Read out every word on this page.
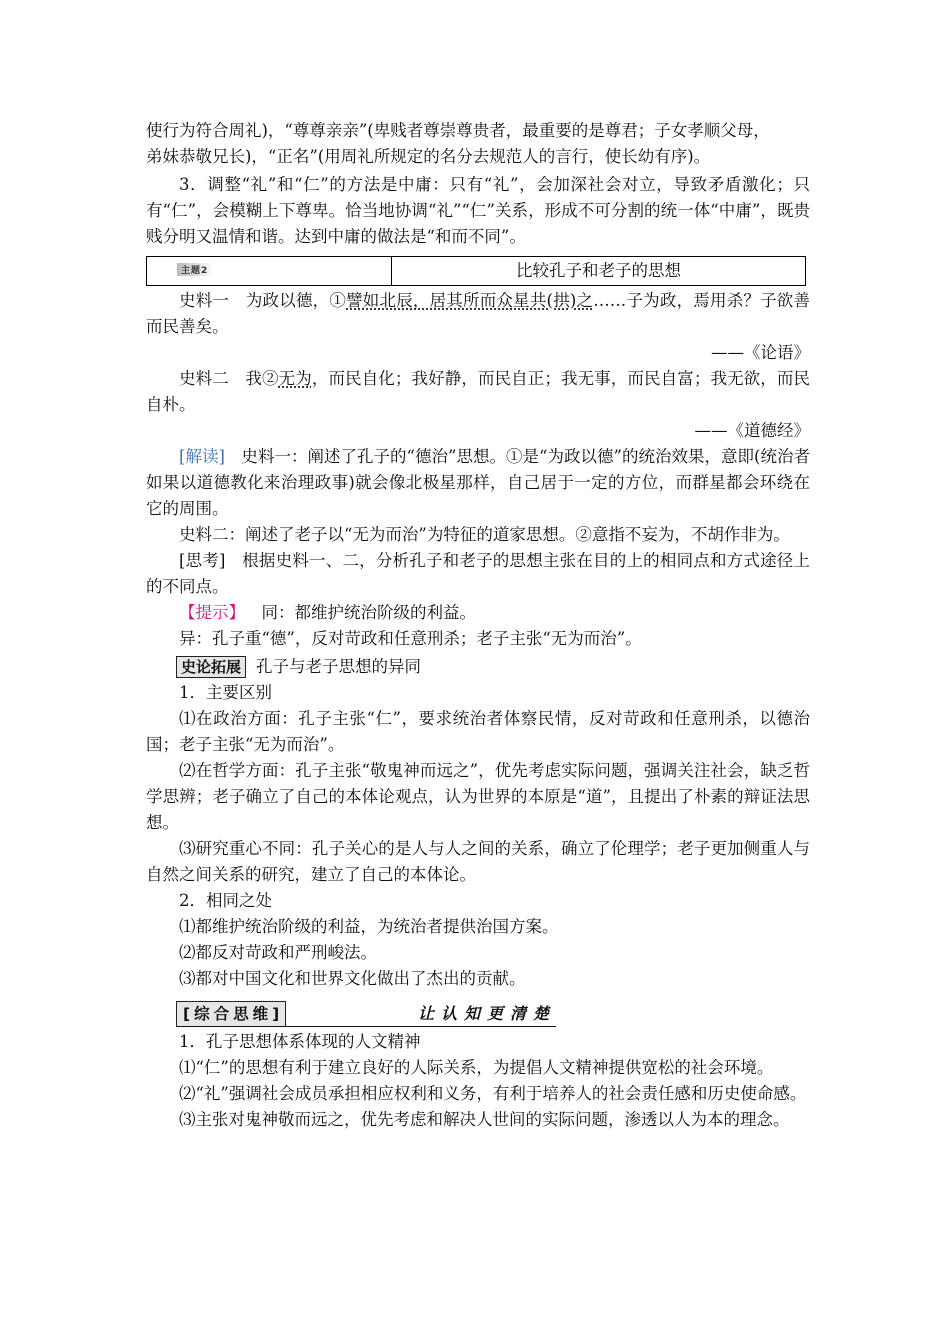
使行为符合周礼)，“尊尊亲亲”(卑贱者尊崇尊贵者，最重要的是尊君；子女孝顺父母，

弟妹恭敬兄长)，“正名”(用周礼所规定的名分去规范人的言行，使长幼有序)。

3．调整“礼”和“仁”的方法是中庸：只有“礼”，会加深社会对立，导致矛盾激化；只有“仁”，会模糊上下尊卑。恰当地协调“礼”“仁”关系，形成不可分割的统一体“中庸”，既贵贱分明又温情和谐。达到中庸的做法是“和而不同”。

主题2	比较孔子和老子的思想

史料一  为政以德，①譬如北辰，居其所而众星共(拱)之……子为政，焉用杀？子欲善而民善矣。

——《论语》

史料二  我②无为，而民自化；我好静，而民自正；我无事，而民自富；我无欲，而民自朴。

——《道德经》

[解读]  史料一：阐述了孔子的“德治”思想。①是“为政以德”的统治效果，意即(统治者如果以道德教化来治理政事)就会像北极星那样，自己居于一定的方位，而群星都会环绕在它的周围。

史料二：阐述了老子以“无为而治”为特征的道家思想。②意指不妄为，不胡作非为。

[思考]  根据史料一、二，分析孔子和老子的思想主张在目的上的相同点和方式途径上的不同点。

【提示】  同：都维护统治阶级的利益。

异：孔子重“德”，反对苛政和任意刑杀；老子主张“无为而治”。

史论拓展 孔子与老子思想的异同

1．主要区别

⑴在政治方面：孔子主张“仁”，要求统治者体察民情，反对苛政和任意刑杀，以德治国；老子主张“无为而治”。

⑵在哲学方面：孔子主张“敬鬼神而远之”，优先考虑实际问题，强调关注社会，缺乏哲学思辨；老子确立了自己的本体论观点，认为世界的本原是“道”，且提出了朴素的辩证法思想。

⑶研究重心不同：孔子关心的是人与人之间的关系，确立了伦理学；老子更加侧重人与自然之间关系的研究，建立了自己的本体论。

2．相同之处

⑴都维护统治阶级的利益，为统治者提供治国方案。

⑵都反对苛政和严刑峻法。

⑶都对中国文化和世界文化做出了杰出的贡献。

[综合思维]	让认知更清楚

1．孔子思想体系体现的人文精神

⑴“仁”的思想有利于建立良好的人际关系，为提倡人文精神提供宽松的社会环境。

⑵“礼”强调社会成员承担相应权利和义务，有利于培养人的社会责任感和历史使命感。

⑶主张对鬼神敬而远之，优先考虑和解决人世间的实际问题，渗透以人为本的理念。
